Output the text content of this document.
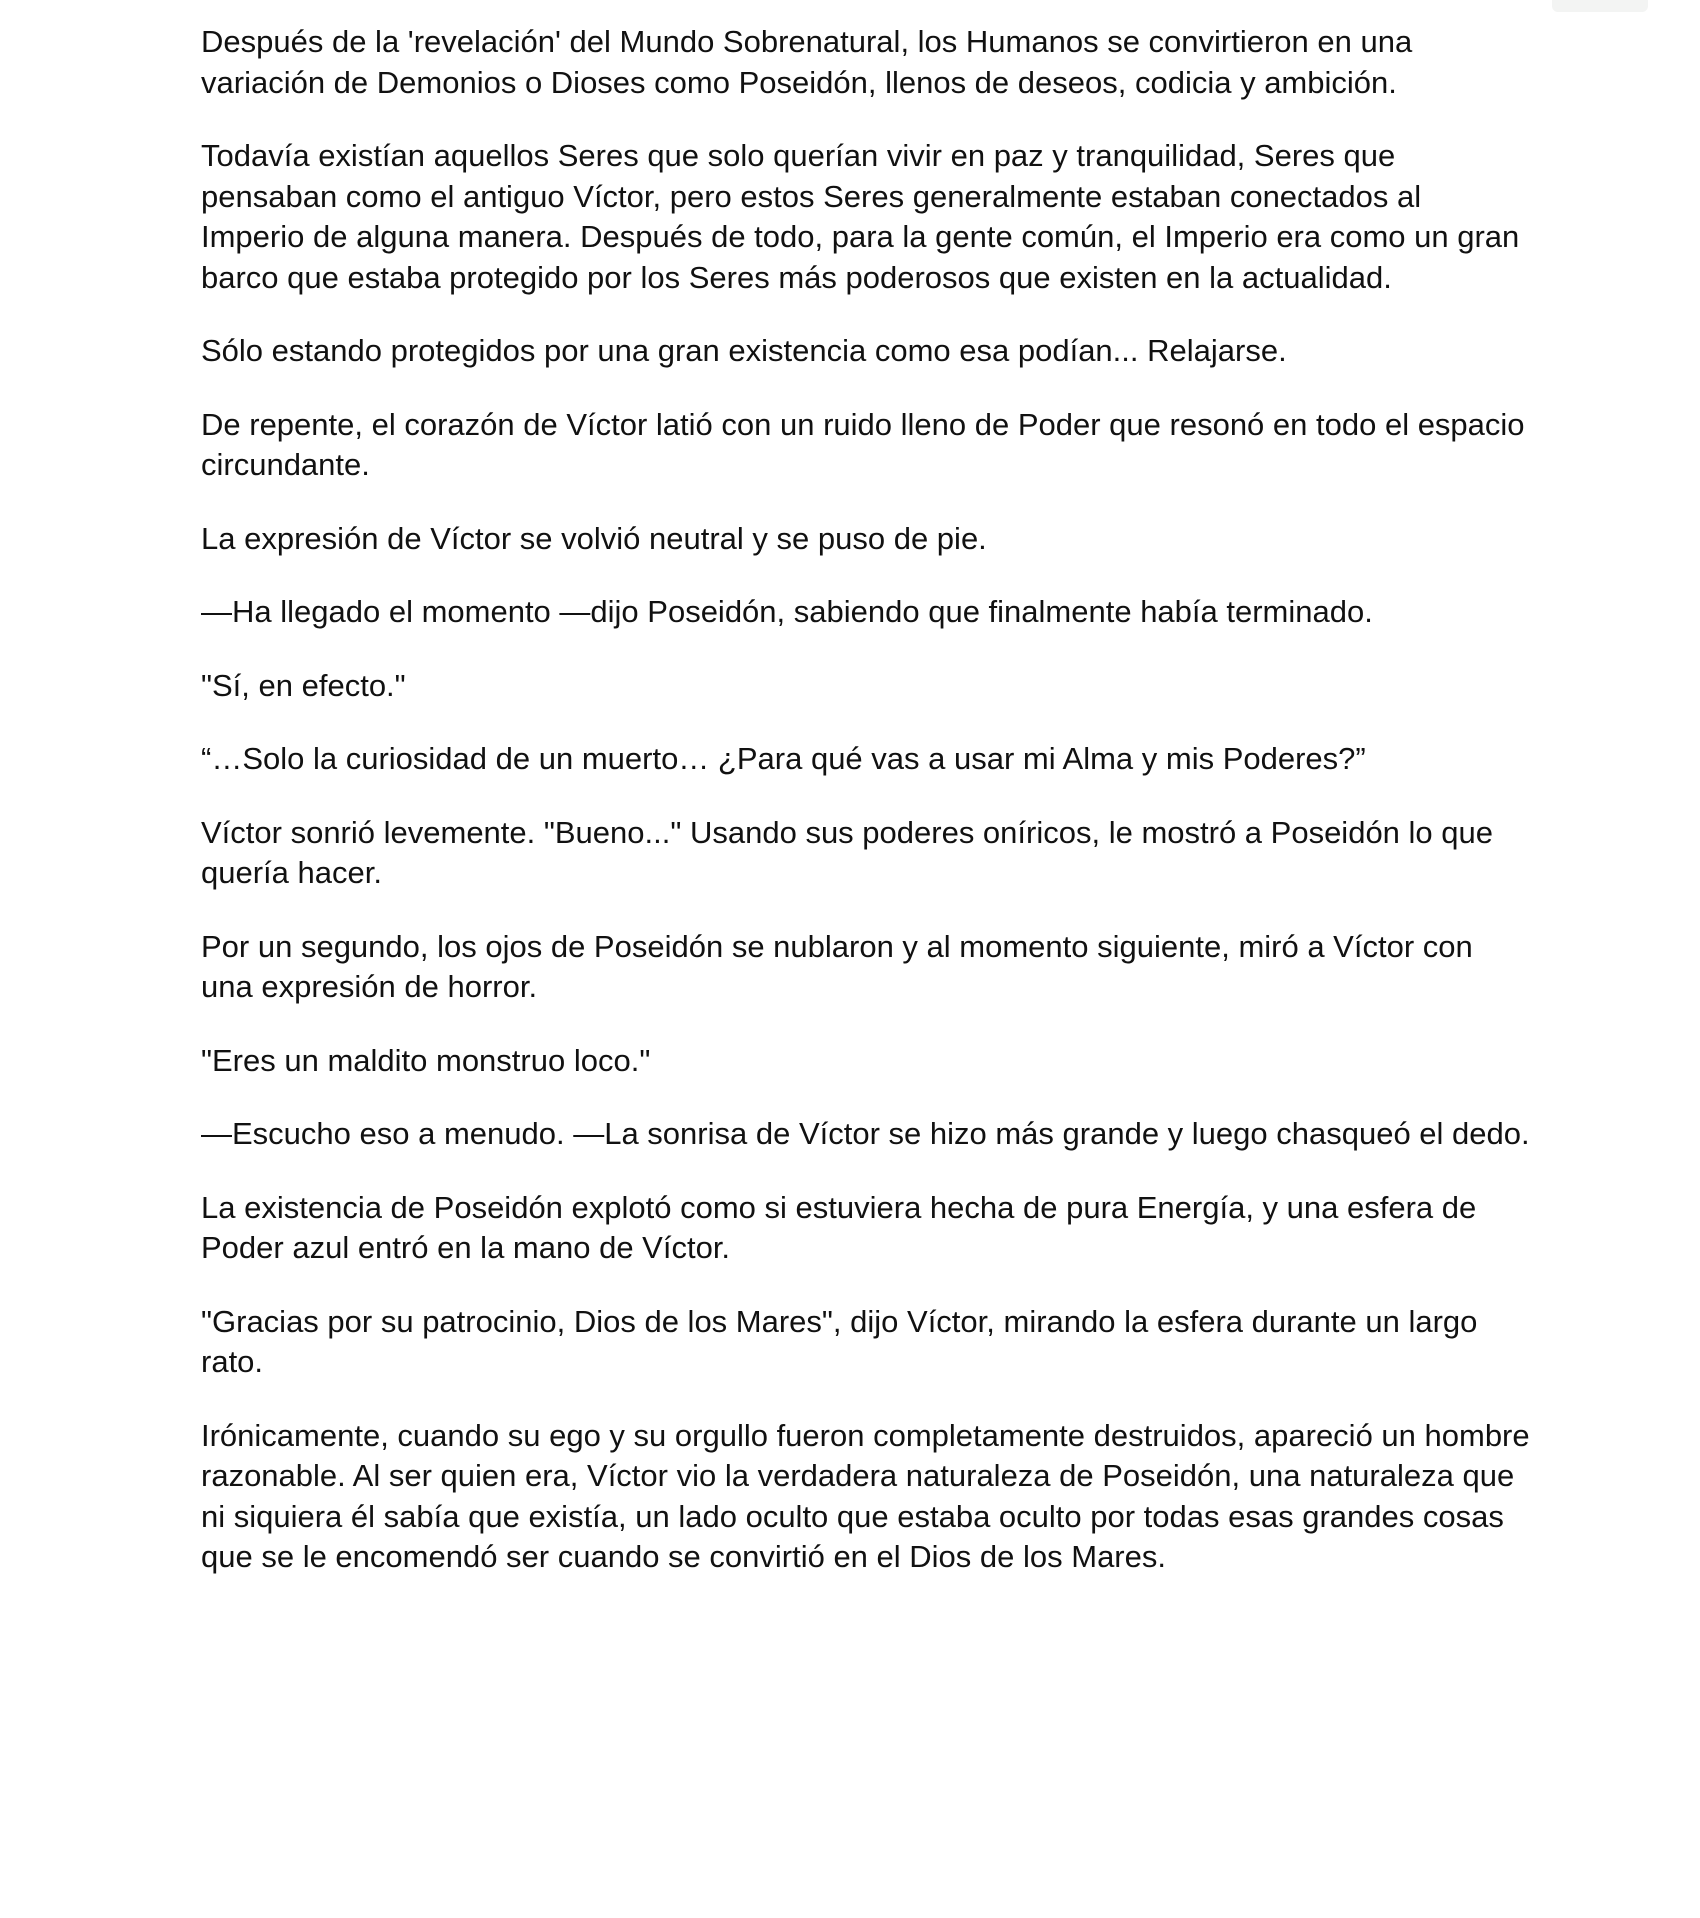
Después de la 'revelación' del Mundo Sobrenatural, los Humanos se convirtieron en una variación de Demonios o Dioses como Poseidón, llenos de deseos, codicia y ambición.

Todavía existían aquellos Seres que solo querían vivir en paz y tranquilidad, Seres que pensaban como el antiguo Víctor, pero estos Seres generalmente estaban conectados al Imperio de alguna manera. Después de todo, para la gente común, el Imperio era como un gran barco que estaba protegido por los Seres más poderosos que existen en la actualidad.

Sólo estando protegidos por una gran existencia como esa podían... Relajarse.

De repente, el corazón de Víctor latió con un ruido lleno de Poder que resonó en todo el espacio circundante.

La expresión de Víctor se volvió neutral y se puso de pie.

—Ha llegado el momento —dijo Poseidón, sabiendo que finalmente había terminado.

"Sí, en efecto."

“…Solo la curiosidad de un muerto… ¿Para qué vas a usar mi Alma y mis Poderes?”

Víctor sonrió levemente. "Bueno..." Usando sus poderes oníricos, le mostró a Poseidón lo que quería hacer.

Por un segundo, los ojos de Poseidón se nublaron y al momento siguiente, miró a Víctor con una expresión de horror.

"Eres un maldito monstruo loco."

—Escucho eso a menudo. —La sonrisa de Víctor se hizo más grande y luego chasqueó el dedo.

La existencia de Poseidón explotó como si estuviera hecha de pura Energía, y una esfera de Poder azul entró en la mano de Víctor.

"Gracias por su patrocinio, Dios de los Mares", dijo Víctor, mirando la esfera durante un largo rato.

Irónicamente, cuando su ego y su orgullo fueron completamente destruidos, apareció un hombre razonable. Al ser quien era, Víctor vio la verdadera naturaleza de Poseidón, una naturaleza que ni siquiera él sabía que existía, un lado oculto que estaba oculto por todas esas grandes cosas que se le encomendó ser cuando se convirtió en el Dios de los Mares.
